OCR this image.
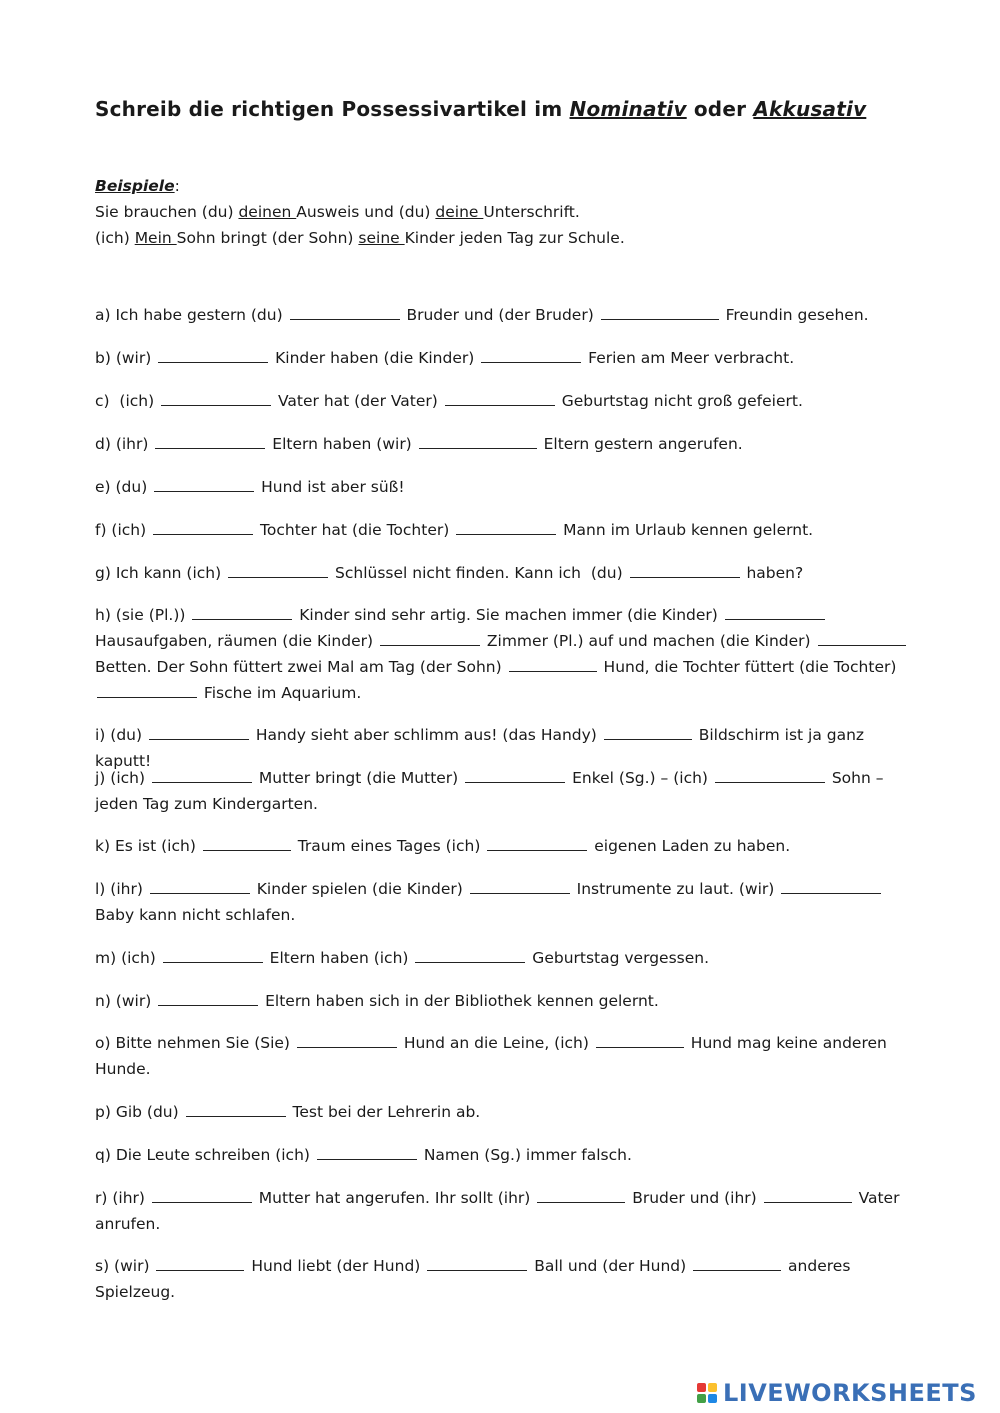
Schreib die richtigen Possessivartikel im Nominativ oder Akkusativ
Beispiele:
Sie brauchen (du) deinen Ausweis und (du) deine Unterschrift.
(ich) Mein Sohn bringt (der Sohn) seine Kinder jeden Tag zur Schule.
a) Ich habe gestern (du)	Bruder und (der Bruder)	Freundin gesehen.
b) (wir)	Kinder haben (die Kinder)	Ferien am Meer verbracht.
c)  (ich)	Vater hat (der Vater)	Geburtstag nicht groß gefeiert.
d) (ihr)	Eltern haben (wir)	Eltern gestern angerufen.
e) (du)	Hund ist aber süß!
f) (ich)	Tochter hat (die Tochter)	Mann im Urlaub kennen gelernt.
g) Ich kann (ich)	Schlüssel nicht finden. Kann ich  (du)	haben?
h) (sie (Pl.))	Kinder sind sehr artig. Sie machen immer (die Kinder)	Hausaufgaben, räumen (die Kinder)	Zimmer (Pl.) auf und machen (die Kinder)	Betten. Der Sohn füttert zwei Mal am Tag (der Sohn)	Hund, die Tochter füttert (die Tochter)  Fische im Aquarium.
i) (du)	Handy sieht aber schlimm aus! (das Handy)	Bildschirm ist ja ganz kaputt!
j) (ich)	Mutter bringt (die Mutter)	Enkel (Sg.) – (ich)	Sohn – jeden Tag zum Kindergarten.
k) Es ist (ich)	Traum eines Tages (ich)	eigenen Laden zu haben.
l) (ihr)	Kinder spielen (die Kinder)	Instrumente zu laut. (wir)	Baby kann nicht schlafen.
m) (ich)	Eltern haben (ich)	Geburtstag vergessen.
n) (wir)	Eltern haben sich in der Bibliothek kennen gelernt.
o) Bitte nehmen Sie (Sie)	Hund an die Leine, (ich)	Hund mag keine anderen Hunde.
p) Gib (du)	Test bei der Lehrerin ab.
q) Die Leute schreiben (ich)	Namen (Sg.) immer falsch.
r) (ihr)	Mutter hat angerufen. Ihr sollt (ihr)	Bruder und (ihr)	Vater anrufen.
s) (wir)	Hund liebt (der Hund)	Ball und (der Hund)	anderes Spielzeug.
LIVEWORKSHEETS
